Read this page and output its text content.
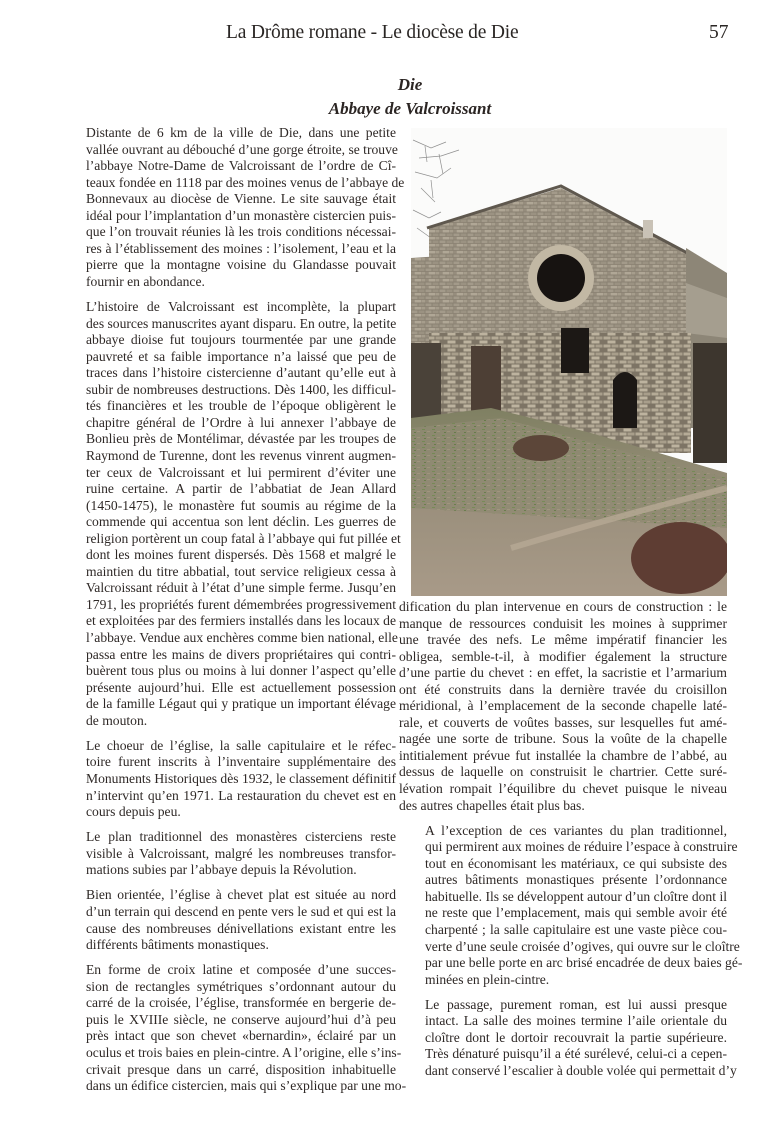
La Drôme romane - Le diocèse de Die	57
Die
Abbaye de Valcroissant

Distante de 6 km de la ville de Die, dans une petite
vallée ouvrant au débouché d’une gorge étroite, se trouve
l’abbaye Notre-Dame de Valcroissant de l’ordre de Cî-
teaux fondée en 1118 par des moines venus de l’abbaye de
Bonnevaux au diocèse de Vienne. Le site sauvage était
idéal pour l’implantation d’un monastère cistercien puis-
que l’on trouvait réunies là les trois conditions nécessai-
res à l’établissement des moines : l’isolement, l’eau et la
pierre que la montagne voisine du Glandasse pouvait
fournir en abondance.

L’histoire de Valcroissant est incomplète, la plupart
des sources manuscrites ayant disparu. En outre, la petite
abbaye dioise fut toujours tourmentée par une grande
pauvreté et sa faible importance n’a laissé que peu de
traces dans l’histoire cistercienne d’autant qu’elle eut à
subir de nombreuses destructions. Dès 1400, les difficul-
tés financières et les trouble de l’époque obligèrent le
chapitre général de l’Ordre à lui annexer l’abbaye de
Bonlieu près de Montélimar, dévastée par les troupes de
Raymond de Turenne, dont les revenus vinrent augmen-
ter ceux de Valcroissant et lui permirent d’éviter une
ruine certaine. A partir de l’abbatiat de Jean Allard
(1450-1475), le monastère fut soumis au régime de la
commende qui accentua son lent déclin. Les guerres de
religion portèrent un coup fatal à l’abbaye qui fut pillée et
dont les moines furent dispersés. Dès 1568 et malgré le
maintien du titre abbatial, tout service religieux cessa à
Valcroissant réduit à l’état d’une simple ferme. Jusqu’en
1791, les propriétés furent démembrées progressivement
et exploitées par des fermiers installés dans les locaux de
l’abbaye. Vendue aux enchères comme bien national, elle
passa entre les mains de divers propriétaires qui contri-
buèrent tous plus ou moins à lui donner l’aspect qu’elle
présente aujourd’hui. Elle est actuellement possession
de la famille Légaut qui y pratique un important élévage
de mouton.

Le choeur de l’église, la salle capitulaire et le réfec-
toire furent inscrits à l’inventaire supplémentaire des
Monuments Historiques dès 1932, le classement définitif
n’intervint qu’en 1971. La restauration du chevet est en
cours depuis peu.

Le plan traditionnel des monastères cisterciens reste
visible à Valcroissant, malgré les nombreuses transfor-
mations subies par l’abbaye depuis la Révolution.

Bien orientée, l’église à chevet plat est située au nord
d’un terrain qui descend en pente vers le sud et qui est la
cause des nombreuses dénivellations existant entre les
différents bâtiments monastiques.

En forme de croix latine et composée d’une succes-
sion de rectangles symétriques s’ordonnant autour du
carré de la croisée, l’église, transformée en bergerie de-
puis le XVIIIe siècle, ne conserve aujourd’hui d’à peu
près intact que son chevet «bernardin», éclairé par un
oculus et trois baies en plein-cintre. A l’origine, elle s’ins-
crivait presque dans un carré, disposition inhabituelle
dans un édifice cistercien, mais qui s’explique par une mo-

dification du plan intervenue en cours de construction : le
manque de ressources conduisit les moines à supprimer
une travée des nefs. Le même impératif financier les
obligea, semble-t-il, à modifier également la structure
d’une partie du chevet : en effet, la sacristie et l’armarium
ont été construits dans la dernière travée du croisillon
méridional, à l’emplacement de la seconde chapelle laté-
rale, et couverts de voûtes basses, sur lesquelles fut amé-
nagée une sorte de tribune. Sous la voûte de la chapelle
intitialement prévue fut installée la chambre de l’abbé, au
dessus de laquelle on construisit le chartrier. Cette suré-
lévation rompait l’équilibre du chevet puisque le niveau
des autres chapelles était plus bas.

A l’exception de ces variantes du plan traditionnel,
qui permirent aux moines de réduire l’espace à construire
tout en économisant les matériaux, ce qui subsiste des
autres bâtiments monastiques présente l’ordonnance
habituelle. Ils se développent autour d’un cloître dont il
ne reste que l’emplacement, mais qui semble avoir été
charpenté ; la salle capitulaire est une vaste pièce cou-
verte d’une seule croisée d’ogives, qui ouvre sur le cloître
par une belle porte en arc brisé encadrée de deux baies gé-
minées en plein-cintre.

Le passage, purement roman, est lui aussi presque
intact. La salle des moines termine l’aile orientale du
cloître dont le dortoir recouvrait la partie supérieure.
Très dénaturé puisqu’il a été surélevé, celui-ci a cepen-
dant conservé l’escalier à double volée qui permettait d’y
